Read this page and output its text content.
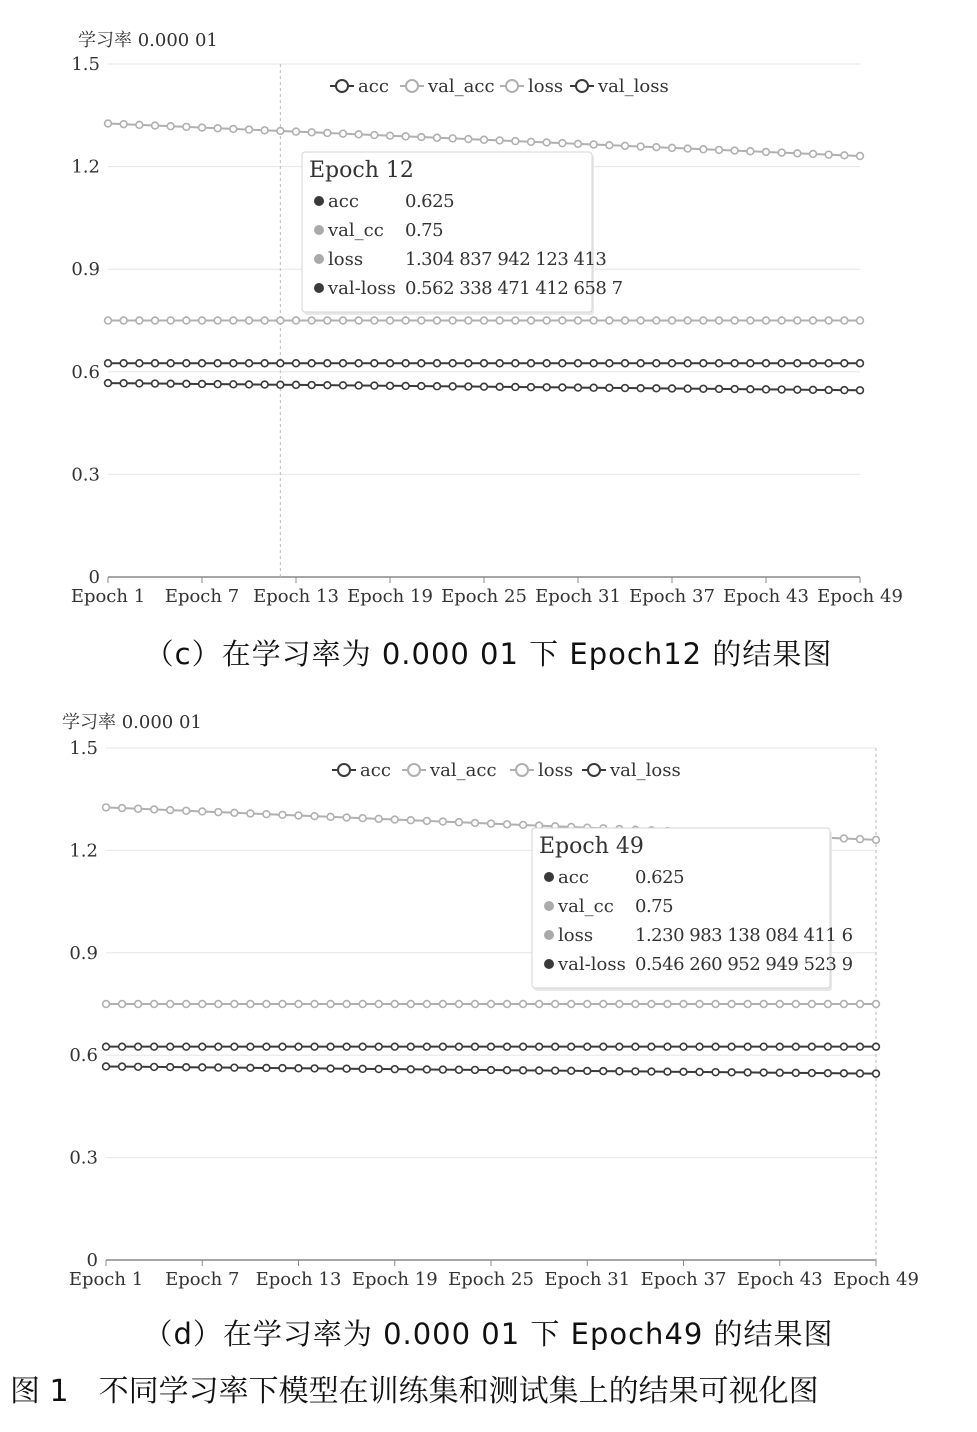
学习率 0.000 01
0
0.3
0.6
0.9
1.2
1.5
Epoch 1 Epoch 7 Epoch 13 Epoch 19 Epoch 25 Epoch 31 Epoch 37 Epoch 43 Epoch 49
acc val_acc loss val_loss
Epoch 12
acc	0.625
val_cc 0.75
loss 1.304 837 942 123 413
val-loss 0.562 338 471 412 658 7
（c）在学习率为 0.000 01 下 Epoch12 的结果图
学习率 0.000 01
0
0.3
0.6
0.9
1.2
1.5
Epoch 1 Epoch 7 Epoch 13 Epoch 19 Epoch 25 Epoch 31 Epoch 37 Epoch 43 Epoch 49
acc val_acc loss val_loss
Epoch 49
acc	0.625
val_cc 0.75
loss 1.230 983 138 084 411 6
val-loss 0.546 260 952 949 523 9
（d）在学习率为 0.000 01 下 Epoch49 的结果图
图 1 不同学习率下模型在训练集和测试集上的结果可视化图
